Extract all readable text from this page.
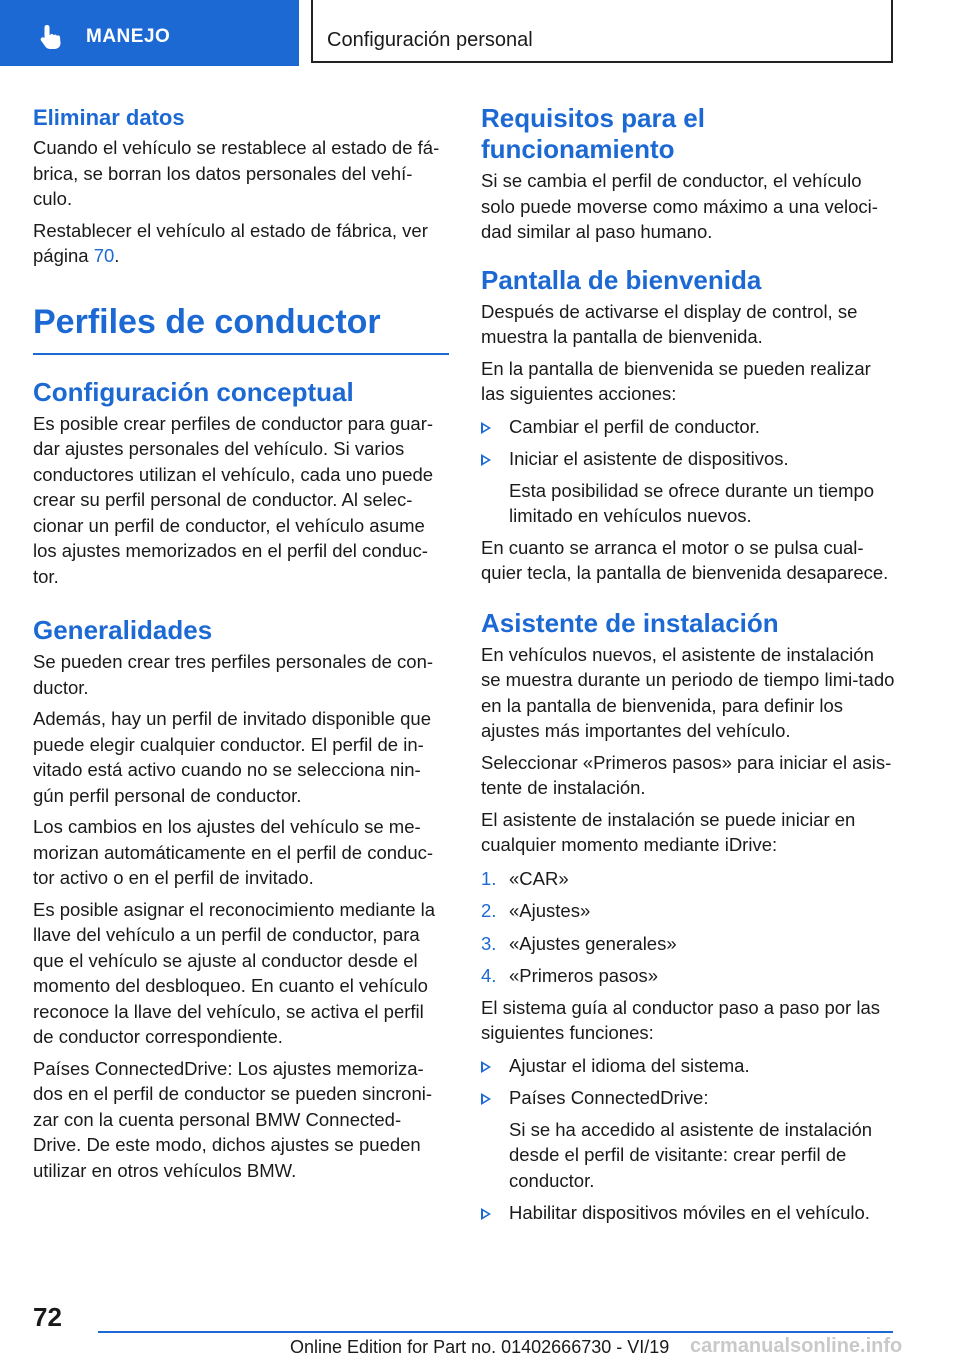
MANEJO	Configuración personal
Eliminar datos

Cuando el vehículo se restablece al estado de fá-brica, se borran los datos personales del vehí-culo.

Restablecer el vehículo al estado de fábrica, ver página 70.

Perfiles de conductor
Configuración conceptual

Es posible crear perfiles de conductor para guar-dar ajustes personales del vehículo. Si varios conductores utilizan el vehículo, cada uno puede crear su perfil personal de conductor. Al selec-cionar un perfil de conductor, el vehículo asume los ajustes memorizados en el perfil del conduc-tor.

Generalidades

Se pueden crear tres perfiles personales de con-ductor.

Además, hay un perfil de invitado disponible que puede elegir cualquier conductor. El perfil de in-vitado está activo cuando no se selecciona nin-gún perfil personal de conductor.

Los cambios en los ajustes del vehículo se me-morizan automáticamente en el perfil de conduc-tor activo o en el perfil de invitado.

Es posible asignar el reconocimiento mediante la llave del vehículo a un perfil de conductor, para que el vehículo se ajuste al conductor desde el momento del desbloqueo. En cuanto el vehículo reconoce la llave del vehículo, se activa el perfil de conductor correspondiente.

Países ConnectedDrive: Los ajustes memoriza-dos en el perfil de conductor se pueden sincroni-zar con la cuenta personal BMW Connected-Drive. De este modo, dichos ajustes se pueden utilizar en otros vehículos BMW.

Requisitos para el funcionamiento

Si se cambia el perfil de conductor, el vehículo solo puede moverse como máximo a una veloci-dad similar al paso humano.

Pantalla de bienvenida

Después de activarse el display de control, se muestra la pantalla de bienvenida.

En la pantalla de bienvenida se pueden realizar las siguientes acciones:

Cambiar el perfil de conductor.
Iniciar el asistente de dispositivos.
Esta posibilidad se ofrece durante un tiempo limitado en vehículos nuevos.

En cuanto se arranca el motor o se pulsa cual-quier tecla, la pantalla de bienvenida desaparece.

Asistente de instalación

En vehículos nuevos, el asistente de instalación se muestra durante un periodo de tiempo limi-tado en la pantalla de bienvenida, para definir los ajustes más importantes del vehículo.

Seleccionar «Primeros pasos» para iniciar el asis-tente de instalación.

El asistente de instalación se puede iniciar en cualquier momento mediante iDrive:

1. «CAR»
2. «Ajustes»
3. «Ajustes generales»
4. «Primeros pasos»

El sistema guía al conductor paso a paso por las siguientes funciones:

Ajustar el idioma del sistema.
Países ConnectedDrive:
Si se ha accedido al asistente de instalación desde el perfil de visitante: crear perfil de conductor.
Habilitar dispositivos móviles en el vehículo.
72
Online Edition for Part no. 01402666730 - VI/19 carmanualsonline.info
